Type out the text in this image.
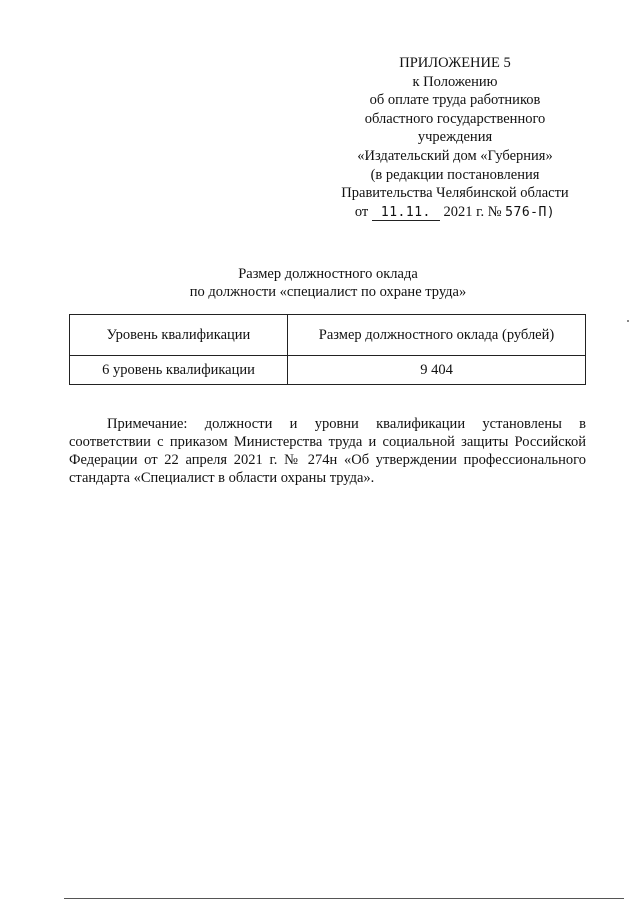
ПРИЛОЖЕНИЕ 5
к Положению
об оплате труда работников
областного государственного
учреждения
«Издательский дом «Губерния»
(в редакции постановления
Правительства Челябинской области
от 11.11. 2021 г. № 576-П)
Размер должностного оклада
по должности «специалист по охране труда»
Уровень квалификации	Размер должностного оклада (рублей)
6 уровень квалификации	9 404

Примечание: должности и уровни квалификации установлены в соответствии с приказом Министерства труда и социальной защиты Российской Федерации от 22 апреля 2021 г. № 274н «Об утверждении профессионального стандарта «Специалист в области охраны труда».
